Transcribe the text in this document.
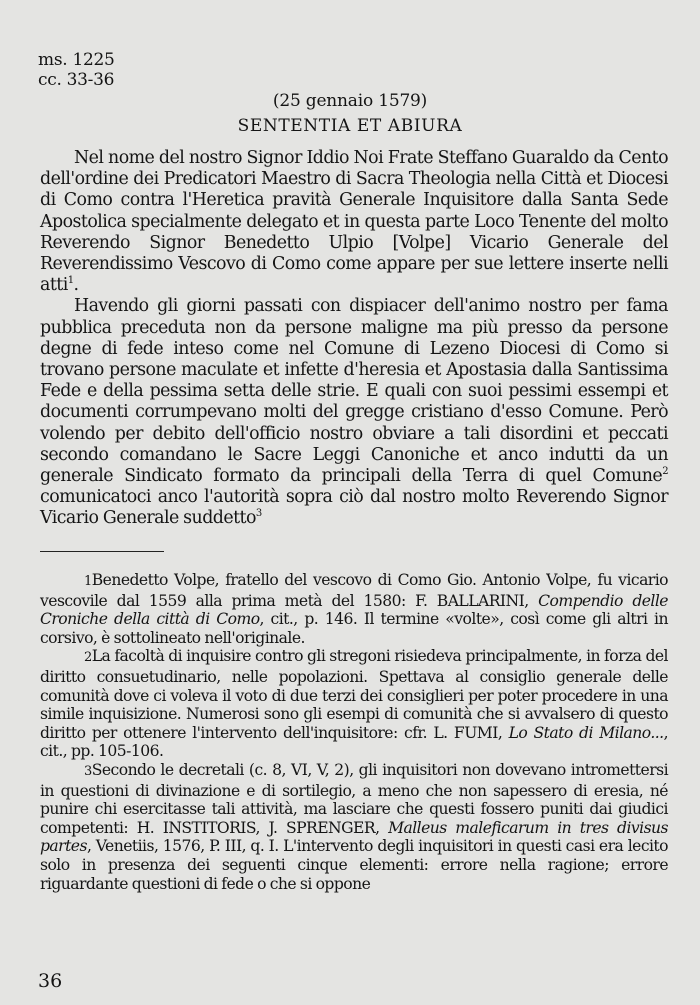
ms. 1225
cc. 33-36
(25 gennaio 1579)
SENTENTIA ET ABIURA

Nel nome del nostro Signor Iddio Noi Frate Steffano Guaraldo da Cento dell'ordine dei Predicatori Maestro di Sacra Theologia nella Città et Diocesi di Como contra l'Heretica pravità Generale Inquisitore dalla Santa Sede Apostolica specialmente delegato et in questa parte Loco Tenente del molto Reverendo Signor Benedetto Ulpio [Volpe] Vicario Generale del Reverendissimo Vescovo di Como come appare per sue lettere inserte nelli atti$^1$.

Havendo gli giorni passati con dispiacer dell'animo nostro per fama pubblica preceduta non da persone maligne ma più presso da persone degne di fede inteso come nel Comune di Lezeno Diocesi di Como si trovano persone maculate et infette d'heresia et Apostasia dalla Santissima Fede e della pessima setta delle strie. E quali con suoi pessimi essempi et documenti corrumpevano molti del gregge cristiano d'esso Comune. Però volendo per debito dell'officio nostro obviare a tali disordini et peccati secondo comandano le Sacre Leggi Canoniche et anco indutti da un generale Sindicato formato da principali della Terra di quel Comune$^2$ comunicatoci anco l'autorità sopra ciò dal nostro molto Reverendo Signor Vicario Generale suddetto$^3$

1Benedetto Volpe, fratello del vescovo di Como Gio. Antonio Volpe, fu vicario vescovile dal 1559 alla prima metà del 1580: F. BALLARINI, Compendio delle Croniche della città di Como, cit., p. 146. Il termine «volte», così come gli altri in corsivo, è sottolineato nell'originale.

2La facoltà di inquisire contro gli stregoni risiedeva principalmente, in forza del diritto consuetudinario, nelle popolazioni. Spettava al consiglio generale delle comunità dove ci voleva il voto di due terzi dei consiglieri per poter procedere in una simile inquisizione. Numerosi sono gli esempi di comunità che si avvalsero di questo diritto per ottenere l'intervento dell'inquisitore: cfr. L. FUMI, Lo Stato di Milano..., cit., pp. 105-106.

3Secondo le decretali (c. 8, VI, V, 2), gli inquisitori non dovevano intromettersi in questioni di divinazione e di sortilegio, a meno che non sapessero di eresia, né punire chi esercitasse tali attività, ma lasciare che questi fossero puniti dai giudici competenti: H. INSTITORIS, J. SPRENGER, Malleus maleficarum in tres divisus partes, Venetiis, 1576, P. III, q. I. L'intervento degli inquisitori in questi casi era lecito solo in presenza dei seguenti cinque elementi: errore nella ragione; errore riguardante questioni di fede o che si oppone

36
